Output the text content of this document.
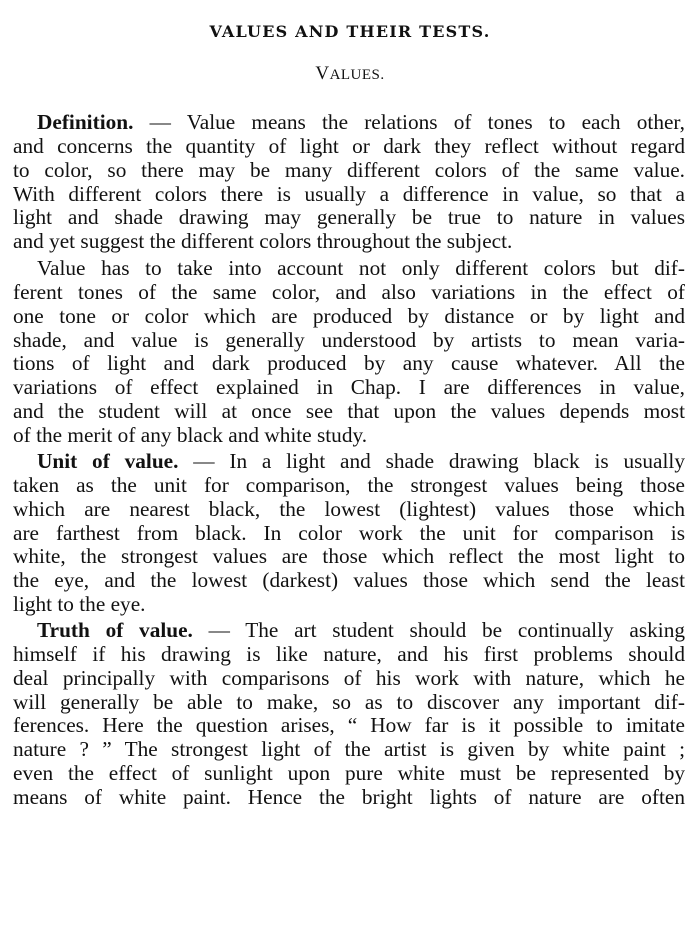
VALUES AND THEIR TESTS.
VALUES.
Definition. — Value means the relations of tones to each other,
and concerns the quantity of light or dark they reflect without regard
to color, so there may be many different colors of the same value.
With different colors there is usually a difference in value, so that a
light and shade drawing may generally be true to nature in values
and yet suggest the different colors throughout the subject.
Value has to take into account not only different colors but dif-
ferent tones of the same color, and also variations in the effect of
one tone or color which are produced by distance or by light and
shade, and value is generally understood by artists to mean varia-
tions of light and dark produced by any cause whatever. All the
variations of effect explained in Chap. I are differences in value,
and the student will at once see that upon the values depends most
of the merit of any black and white study.
Unit of value. — In a light and shade drawing black is usually
taken as the unit for comparison, the strongest values being those
which are nearest black, the lowest (lightest) values those which
are farthest from black. In color work the unit for comparison is
white, the strongest values are those which reflect the most light to
the eye, and the lowest (darkest) values those which send the least
light to the eye.
Truth of value. — The art student should be continually asking
himself if his drawing is like nature, and his first problems should
deal principally with comparisons of his work with nature, which he
will generally be able to make, so as to discover any important dif-
ferences. Here the question arises, “ How far is it possible to imitate
nature ? ” The strongest light of the artist is given by white paint ;
even the effect of sunlight upon pure white must be represented by
means of white paint. Hence the bright lights of nature are often
